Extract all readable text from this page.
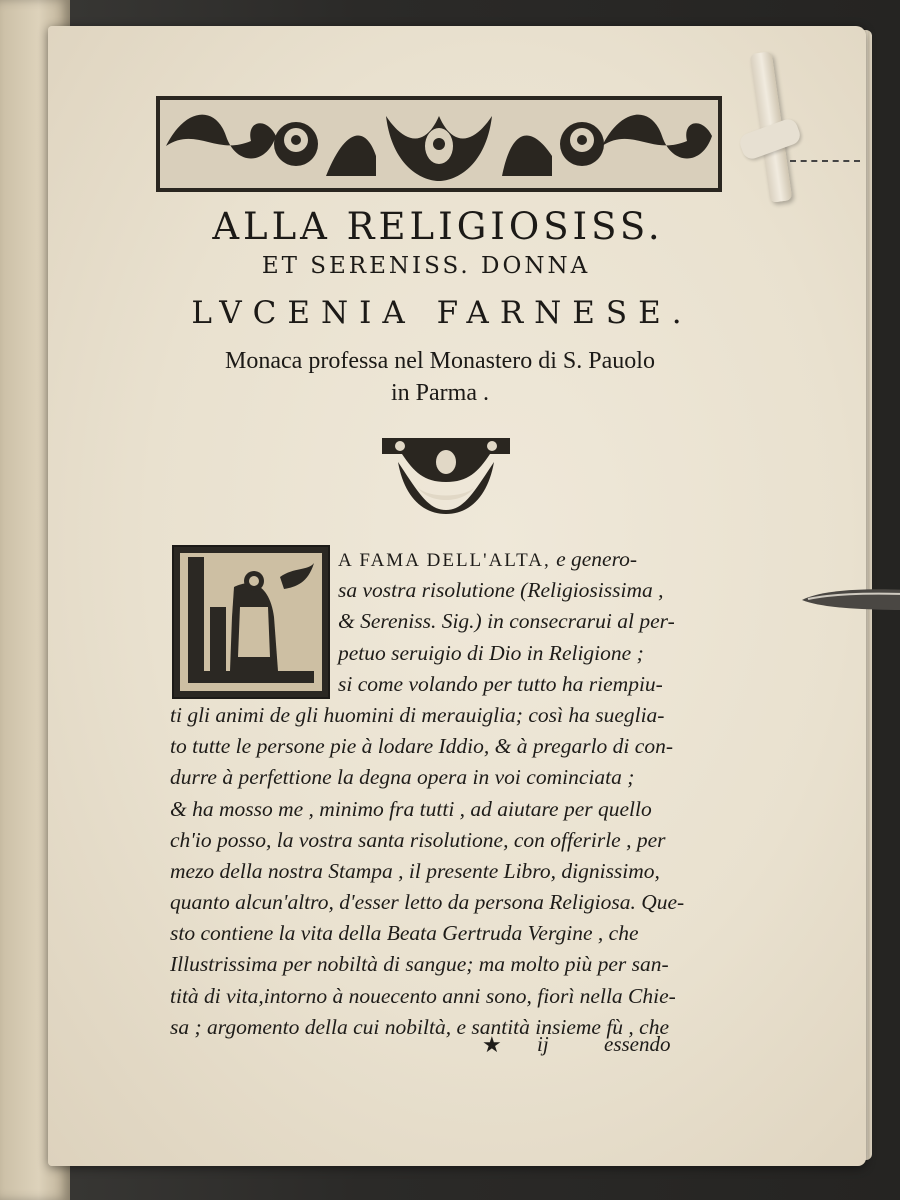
ALLA RELIGIOSISS.
ET SERENISS. DONNA
LVCENIA FARNESE.
Monaca professa nel Monastero di S. Pauolo
in Parma .
A FAMA DELL'ALTA, e genero-
sa vostra risolutione (Religiosissima ,
& Sereniss. Sig.) in consecrarui al per-
petuo seruigio di Dio in Religione ;
si come volando per tutto ha riempiu-
ti gli animi de gli huomini di merauiglia; così ha sueglia-
to tutte le persone pie à lodare Iddio, & à pregarlo di con-
durre à perfettione la degna opera in voi cominciata ;
& ha mosso me , minimo fra tutti , ad aiutare per quello
ch'io posso, la vostra santa risolutione, con offerirle , per
mezo della nostra Stampa , il presente Libro, dignissimo,
quanto alcun'altro, d'esser letto da persona Religiosa. Que-
sto contiene la vita della Beata Gertruda Vergine , che
Illustrissima per nobiltà di sangue; ma molto più per san-
tità di vita,intorno à nouecento anni sono, fiorì nella Chie-
sa ; argomento della cui nobiltà, e santità insieme fù , che
★ ij	essendo
